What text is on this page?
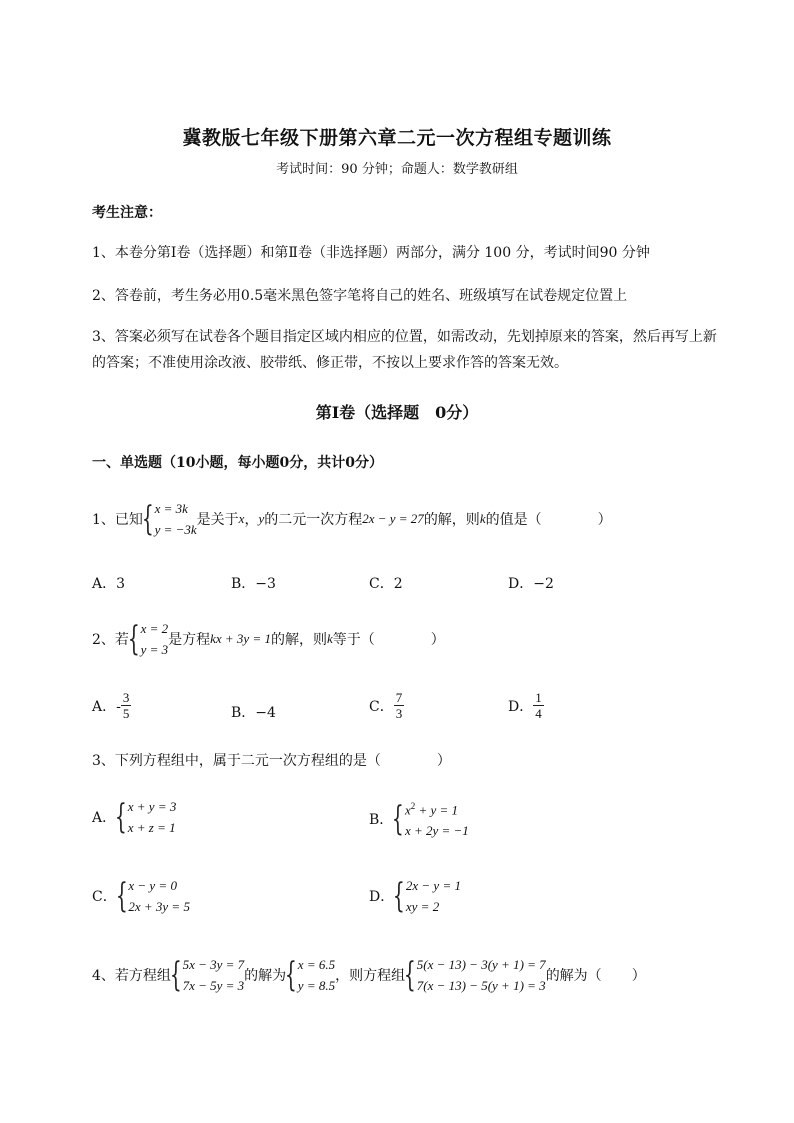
冀教版七年级下册第六章二元一次方程组专题训练
考试时间：90 分钟；命题人：数学教研组
考生注意：
1、本卷分第Ⅰ卷（选择题）和第Ⅱ卷（非选择题）两部分，满分 100 分，考试时间90 分钟
2、答卷前，考生务必用0.5毫米黑色签字笔将自己的姓名、班级填写在试卷规定位置上
3、答案必须写在试卷各个题目指定区域内相应的位置，如需改动，先划掉原来的答案，然后再写上新
的答案；不准使用涂改液、胶带纸、修正带，不按以上要求作答的答案无效。
第Ⅰ卷（选择题　0分）
一、单选题（10小题，每小题0分，共计0分）
1、已知
{ x = 3k
y = −3k
是关于 x ， y 的二元一次方程 2x − y = 27 的解，则 k 的值是（	）
A．3	B．−3	C．2	D．−2
2、若
{ x = 2
y = 3
是方程 kx + 3y = 1 的解，则 k 等于（	）
A．- $\frac{3}{5}$	B．−4	C． $\frac{7}{3}$	D． $\frac{1}{4}$
3、下列方程组中，属于二元一次方程组的是（	）
A．
{ x + y = 3
x + z = 1	B．
{ $x^2 + y = 1$
x + 2y = −1
C．
{ x − y = 0
2x + 3y = 5
D．
{ 2x − y = 1
xy = 2
4、若方程组
{ 5x − 3y = 7
7x − 5y = 3
的解为
{ x = 6.5
y = 8.5
，则方程组
{ 5(x − 13) − 3(y + 1) = 7
7(x − 13) − 5(y + 1) = 3
的解为（ ）
